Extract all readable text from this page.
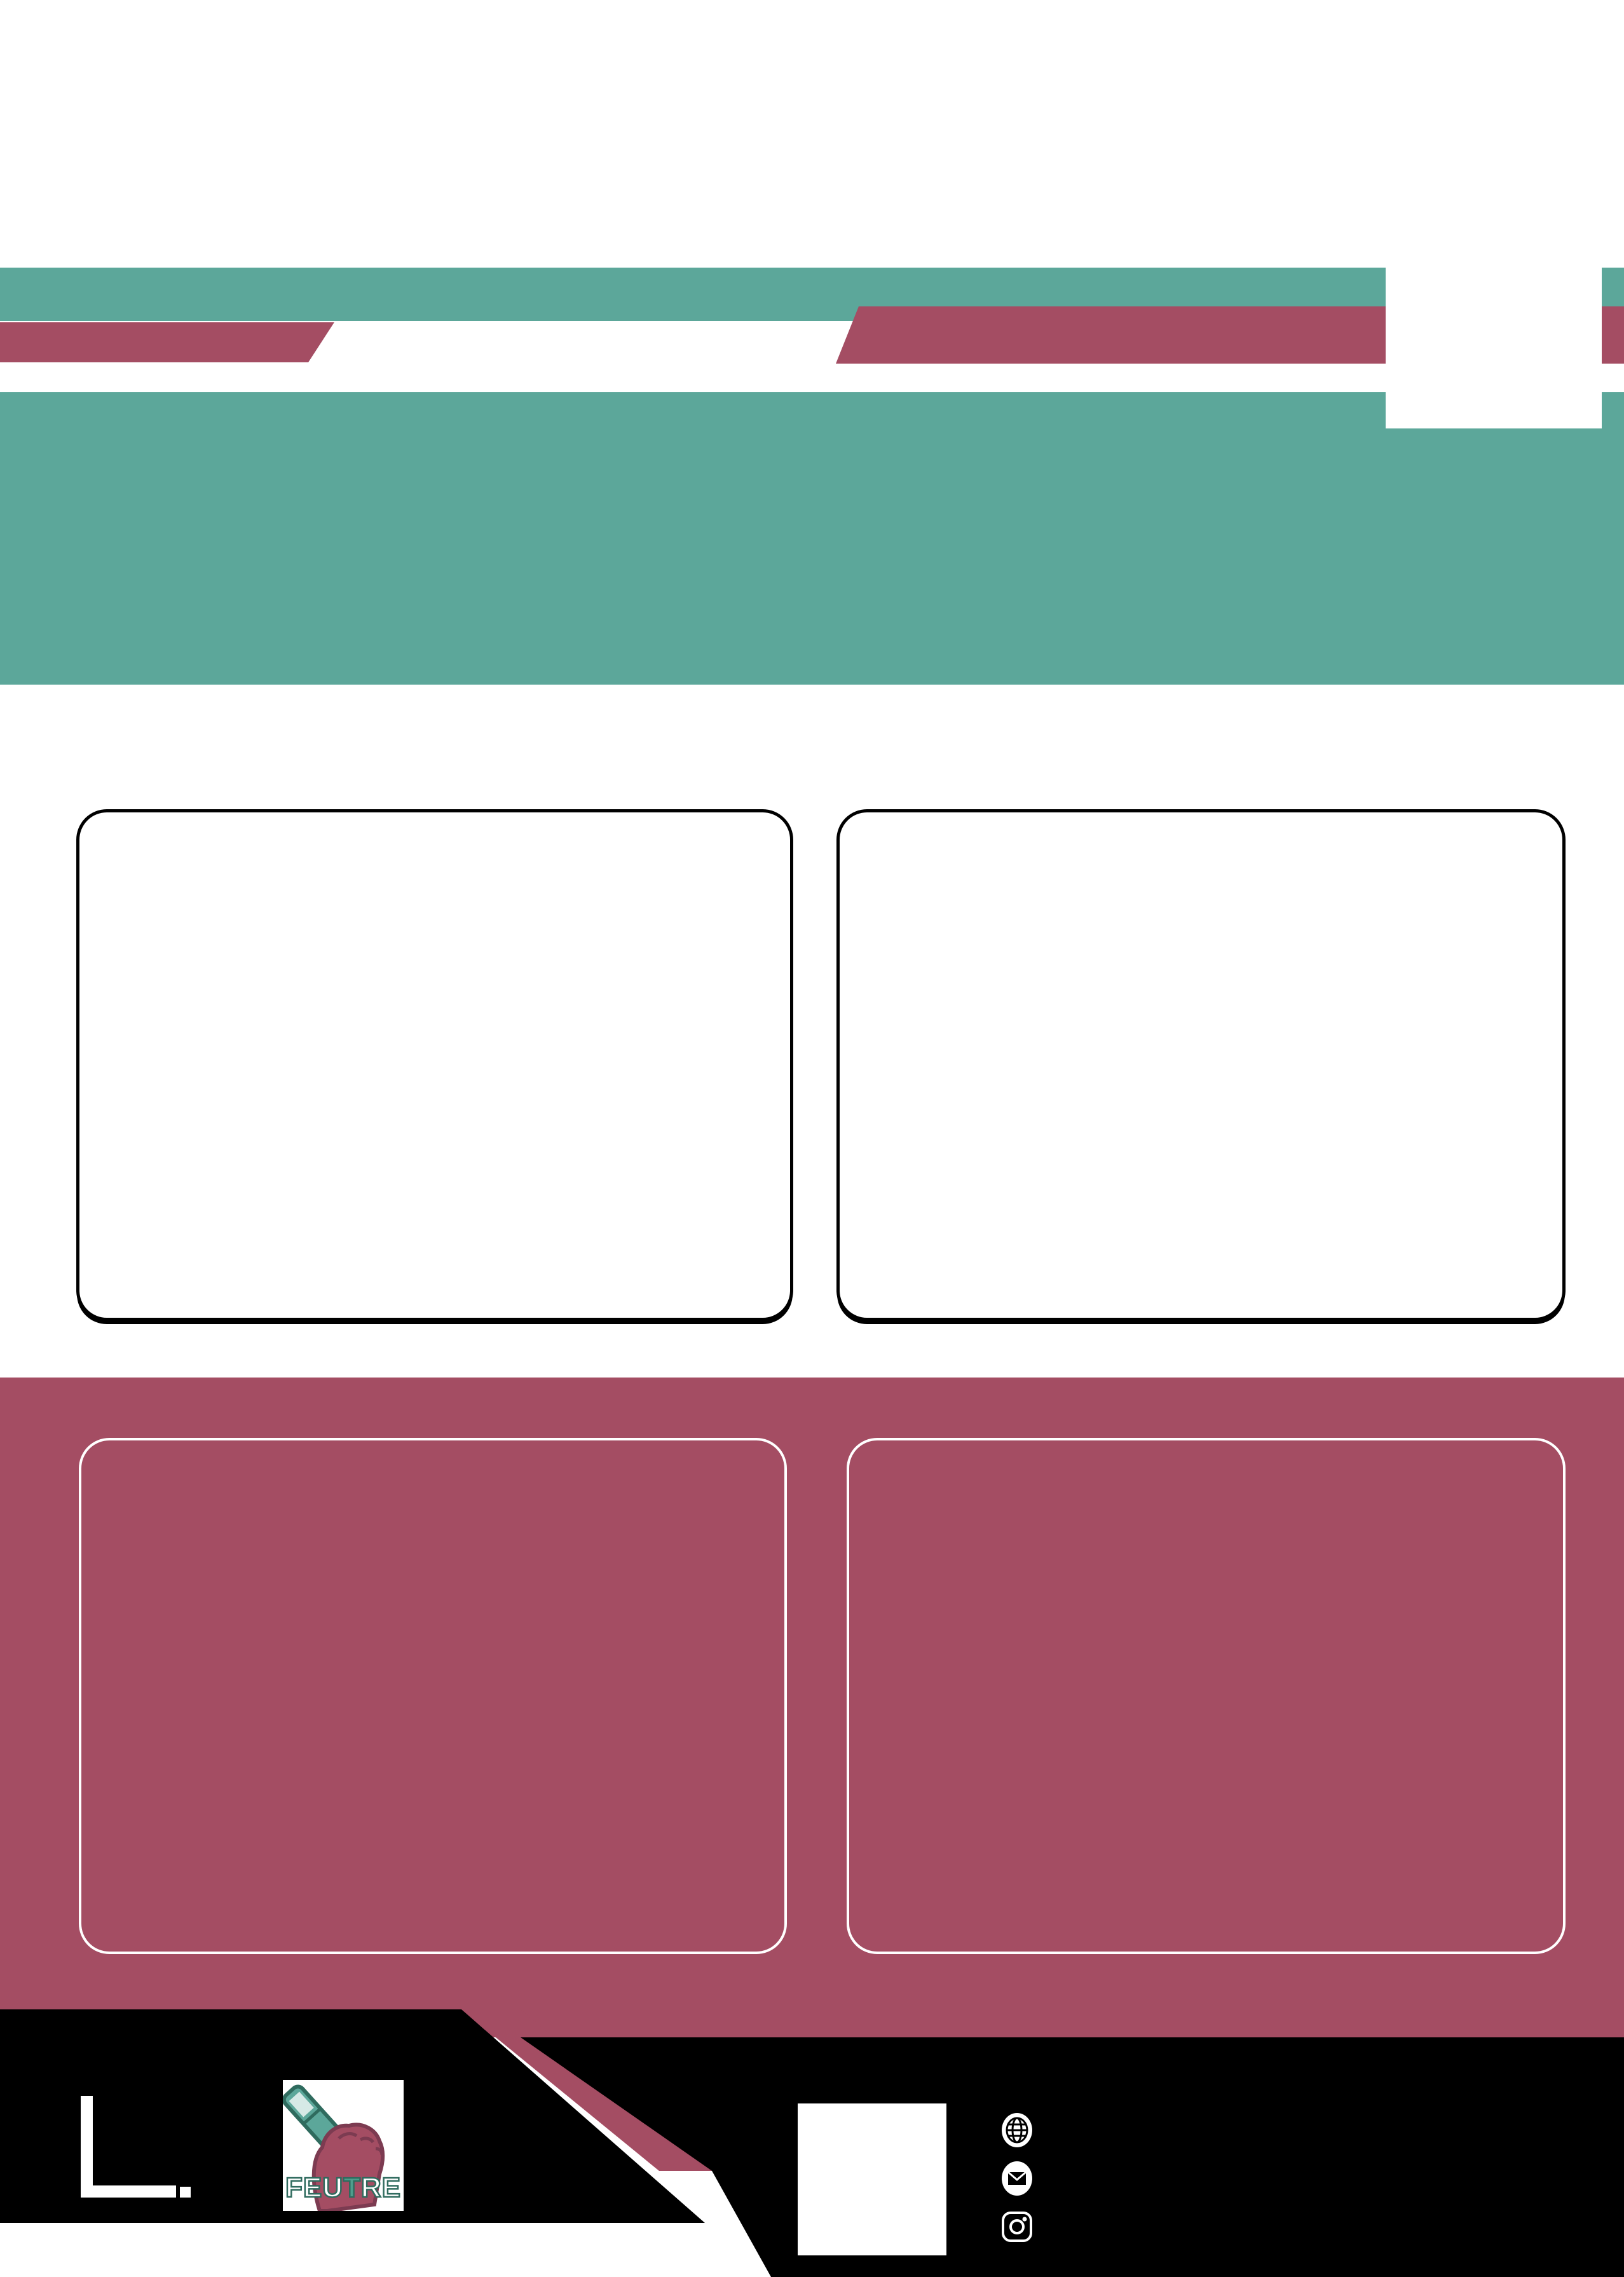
FEUTRE
